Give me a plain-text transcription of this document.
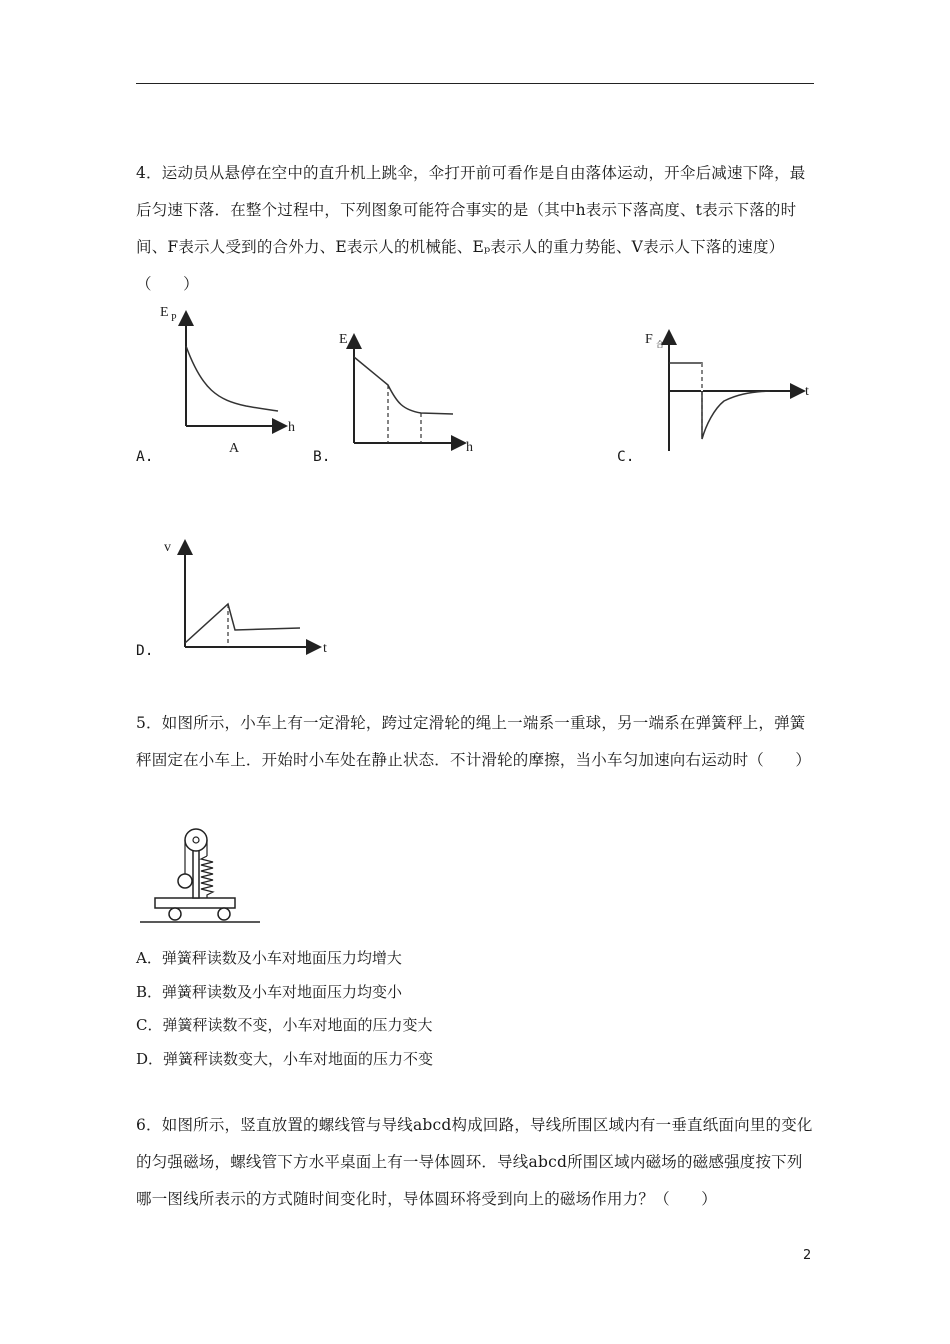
4．运动员从悬停在空中的直升机上跳伞，伞打开前可看作是自由落体运动，开伞后减速下降，最后匀速下落．在整个过程中，下列图象可能符合事实的是（其中h表示下落高度、t表示下落的时间、F表示人受到的合外力、E表示人的机械能、Eₚ表示人的重力势能、V表示人下落的速度）（　　）
E P
h
A
A.
E
h
B.
F 合
t
C.
v
t
D.
5．如图所示，小车上有一定滑轮，跨过定滑轮的绳上一端系一重球，另一端系在弹簧秤上，弹簧秤固定在小车上．开始时小车处在静止状态．不计滑轮的摩擦，当小车匀加速向右运动时（　　）
A．弹簧秤读数及小车对地面压力均增大
B．弹簧秤读数及小车对地面压力均变小
C．弹簧秤读数不变，小车对地面的压力变大
D．弹簧秤读数变大，小车对地面的压力不变
6．如图所示，竖直放置的螺线管与导线abcd构成回路，导线所围区域内有一垂直纸面向里的变化的匀强磁场，螺线管下方水平桌面上有一导体圆环．导线abcd所围区域内磁场的磁感强度按下列哪一图线所表示的方式随时间变化时，导体圆环将受到向上的磁场作用力？（　　）
2
